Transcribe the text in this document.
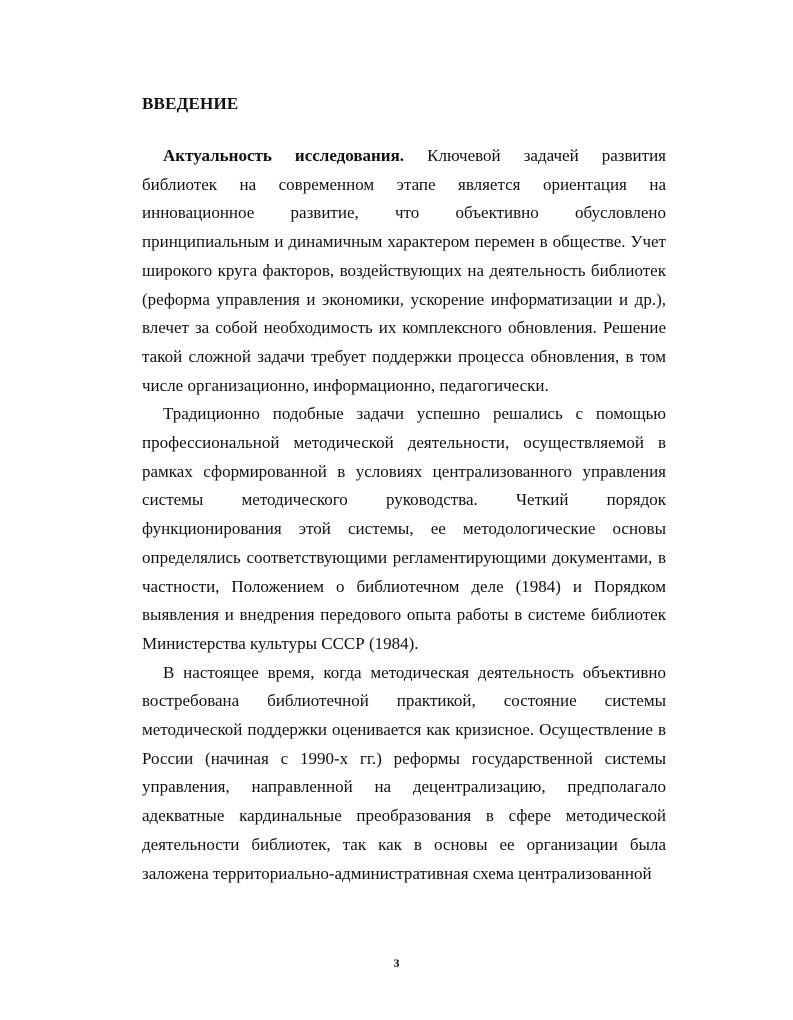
ВВЕДЕНИЕ

Актуальность исследования. Ключевой задачей развития библиотек на современном этапе является ориентация на инновационное развитие, что объективно обусловлено принципиальным и динамичным характером перемен в обществе. Учет широкого круга факторов, воздействующих на деятельность библиотек (реформа управления и экономики, ускорение информатизации и др.), влечет за собой необходимость их комплексного обновления. Решение такой сложной задачи требует поддержки процесса обновления, в том числе организационно, информационно, педагогически.

Традиционно подобные задачи успешно решались с помощью профессиональной методической деятельности, осуществляемой в рамках сформированной в условиях централизованного управления системы методического руководства. Четкий порядок функционирования этой системы, ее методологические основы определялись соответствующими регламентирующими документами, в частности, Положением о библиотечном деле (1984) и Порядком выявления и внедрения передового опыта работы в системе библиотек Министерства культуры СССР (1984).

В настоящее время, когда методическая деятельность объективно востребована библиотечной практикой, состояние системы методической поддержки оценивается как кризисное. Осуществление в России (начиная с 1990-х гг.) реформы государственной системы управления, направленной на децентрализацию, предполагало адекватные кардинальные преобразования в сфере методической деятельности библиотек, так как в основы ее организации была заложена территориально-административная схема централизованной

3
